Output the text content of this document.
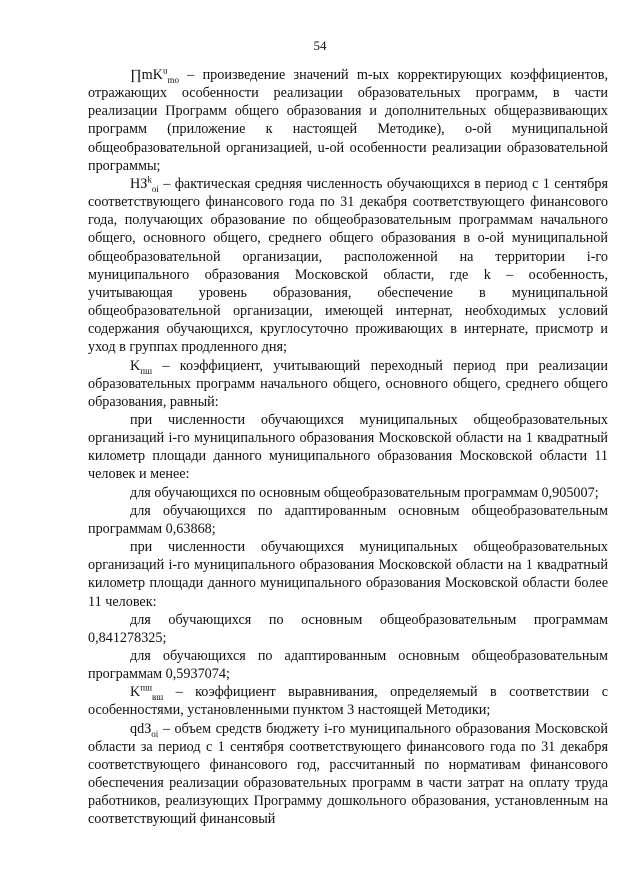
54

$\prod mK^u_{mo}$ – произведение значений m-ых корректирующих коэффициентов, отражающих особенности реализации образовательных программ, в части реализации Программ общего образования и дополнительных общеразвивающих программ (приложение к настоящей Методике), o-ой муниципальной общеобразовательной организацией, u-ой особенности реализации образовательной программы;

$НЗ^k_{oi}$ – фактическая средняя численность обучающихся в период с 1 сентября соответствующего финансового года по 31 декабря соответствующего финансового года, получающих образование по общеобразовательным программам начального общего, основного общего, среднего общего образования в o-ой муниципальной общеобразовательной организации, расположенной на территории i-го муниципального образования Московской области, где k – особенность, учитывающая уровень образования, обеспечение в муниципальной общеобразовательной организации, имеющей интернат, необходимых условий содержания обучающихся, круглосуточно проживающих в интернате, присмотр и уход в группах продленного дня;

$K_{пш}$ – коэффициент, учитывающий переходный период при реализации образовательных программ начального общего, основного общего, среднего общего образования, равный:

при численности обучающихся муниципальных общеобразовательных организаций i-го муниципального образования Московской области на 1 квадратный километр площади данного муниципального образования Московской области 11 человек и менее:

для обучающихся по основным общеобразовательным программам 0,905007;

для обучающихся по адаптированным основным общеобразовательным программам 0,63868;

при численности обучающихся муниципальных общеобразовательных организаций i-го муниципального образования Московской области на 1 квадратный километр площади данного муниципального образования Московской области более 11 человек:

для обучающихся по основным общеобразовательным программам 0,841278325;

для обучающихся по адаптированным основным общеобразовательным программам 0,5937074;

$K^{пш}_{вш}$ – коэффициент выравнивания, определяемый в соответствии с особенностями, установленными пунктом 3 настоящей Методики;

qdЗ$_{oi}$ – объем средств бюджету i-го муниципального образования Московской области за период с 1 сентября соответствующего финансового года по 31 декабря соответствующего финансового год, рассчитанный по нормативам финансового обеспечения реализации образовательных программ в части затрат на оплату труда работников, реализующих Программу дошкольного образования, установленным на соответствующий финансовый
